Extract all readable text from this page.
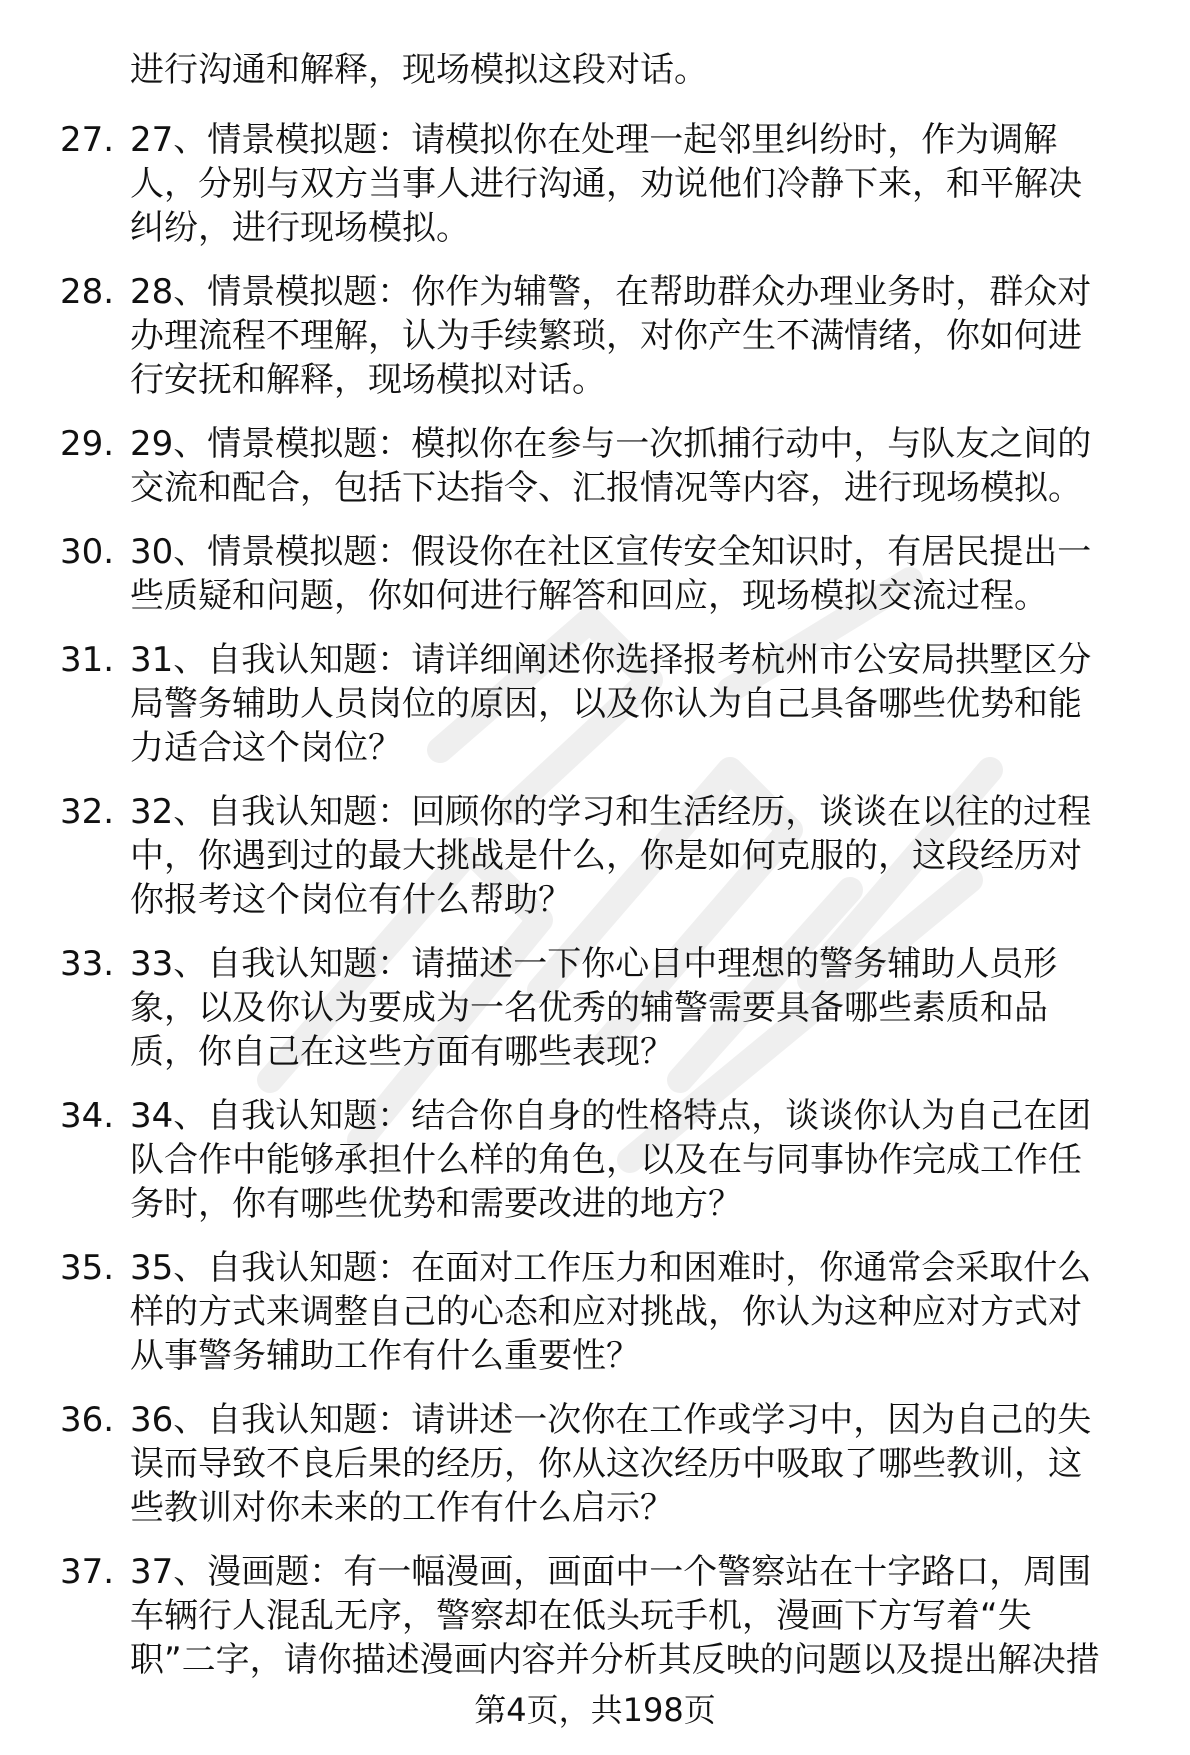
进行沟通和解释，现场模拟这段对话。
27. 27、情景模拟题：请模拟你在处理一起邻里纠纷时，作为调解
人，分别与双方当事人进行沟通，劝说他们冷静下来，和平解决
纠纷，进行现场模拟。
28. 28、情景模拟题：你作为辅警，在帮助群众办理业务时，群众对
办理流程不理解，认为手续繁琐，对你产生不满情绪，你如何进
行安抚和解释，现场模拟对话。
29. 29、情景模拟题：模拟你在参与一次抓捕行动中，与队友之间的
交流和配合，包括下达指令、汇报情况等内容，进行现场模拟。
30. 30、情景模拟题：假设你在社区宣传安全知识时，有居民提出一
些质疑和问题，你如何进行解答和回应，现场模拟交流过程。
31. 31、自我认知题：请详细阐述你选择报考杭州市公安局拱墅区分
局警务辅助人员岗位的原因，以及你认为自己具备哪些优势和能
力适合这个岗位？
32. 32、自我认知题：回顾你的学习和生活经历，谈谈在以往的过程
中，你遇到过的最大挑战是什么，你是如何克服的，这段经历对
你报考这个岗位有什么帮助？
33. 33、自我认知题：请描述一下你心目中理想的警务辅助人员形
象，以及你认为要成为一名优秀的辅警需要具备哪些素质和品
质，你自己在这些方面有哪些表现？
34. 34、自我认知题：结合你自身的性格特点，谈谈你认为自己在团
队合作中能够承担什么样的角色，以及在与同事协作完成工作任
务时，你有哪些优势和需要改进的地方？
35. 35、自我认知题：在面对工作压力和困难时，你通常会采取什么
样的方式来调整自己的心态和应对挑战，你认为这种应对方式对
从事警务辅助工作有什么重要性？
36. 36、自我认知题：请讲述一次你在工作或学习中，因为自己的失
误而导致不良后果的经历，你从这次经历中吸取了哪些教训，这
些教训对你未来的工作有什么启示？
37. 37、漫画题：有一幅漫画，画面中一个警察站在十字路口，周围
车辆行人混乱无序，警察却在低头玩手机，漫画下方写着“失
职”二字，请你描述漫画内容并分析其反映的问题以及提出解决措
第4页，共198页
